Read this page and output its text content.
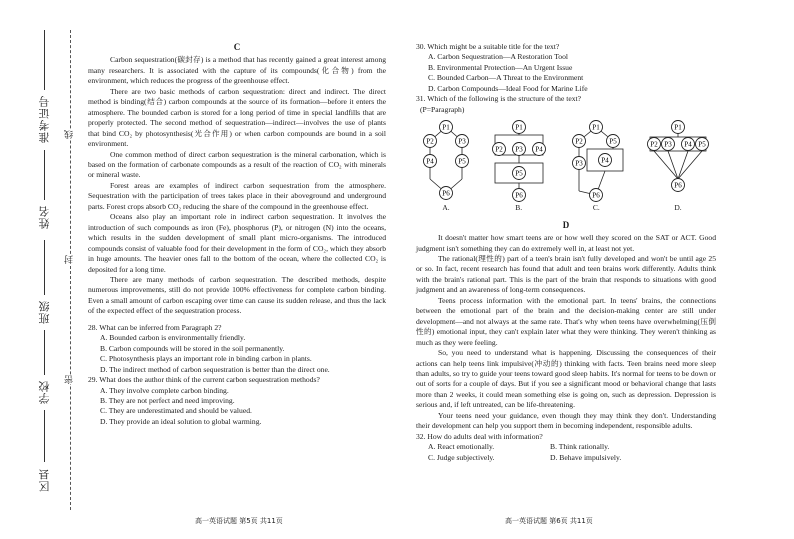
准考证号
姓名
班级
学校
区县
线
封
密
C

Carbon sequestration(碳封存) is a method that has recently gained a great interest among many researchers. It is associated with the capture of its compounds(化合物) from the environment, which reduces the progress of the greenhouse effect.

There are two basic methods of carbon sequestration: direct and indirect. The direct method is binding(结合) carbon compounds at the source of its formation—before it enters the atmosphere. The bounded carbon is stored for a long period of time in special landfills that are properly protected. The second method of sequestration—indirect—involves the use of plants that bind CO₂ by photosynthesis(光合作用) or when carbon compounds are bound in a soil environment.

One common method of direct carbon sequestration is the mineral carbonation, which is based on the formation of carbonate compounds as a result of the reaction of CO₂ with minerals or mineral waste.

Forest areas are examples of indirect carbon sequestration from the atmosphere. Sequestration with the participation of trees takes place in their aboveground and underground parts. Forest crops absorb CO₂ reducing the share of the compound in the greenhouse effect.

Oceans also play an important role in indirect carbon sequestration. It involves the introduction of such compounds as iron (Fe), phosphorus (P), or nitrogen (N) into the oceans, which results in the sudden development of small plant micro-organisms. The introduced compounds consist of valuable food for their development in the form of CO₂, which they absorb in huge amounts. The heavier ones fall to the bottom of the ocean, where the collected CO₂ is deposited for a long time.

There are many methods of carbon sequestration. The described methods, despite numerous improvements, still do not provide 100% effectiveness for complete carbon binding. Even a small amount of carbon escaping over time can cause its sudden release, and thus the lack of the expected effect of the sequestration process.

28. What can be inferred from Paragraph 2?
A. Bounded carbon is environmentally friendly.
B. Carbon compounds will be stored in the soil permanently.
C. Photosynthesis plays an important role in binding carbon in plants.
D. The indirect method of carbon sequestration is better than the direct one.
29. What does the author think of the current carbon sequestration methods?
A. They involve complete carbon binding.
B. They are not perfect and need improving.
C. They are underestimated and should be valued.
D. They provide an ideal solution to global warming.
高一英语试题 第5页 共11页
30. Which might be a suitable title for the text?
A. Carbon Sequestration—A Restoration Tool
B. Environmental Protection—An Urgent Issue
C. Bounded Carbon—A Threat to the Environment
D. Carbon Compounds—Ideal Food for Marine Life
31. Which of the following is the structure of the text?
(P=Paragraph)
P1
P2	P3
P4	P5
P6
A.
P1
P2 P3 P4
P5
P6
B.
P1
P2	P5
P3	P4
P6
C.
P1
P2 P3 P4 P5
P6
D.
D

It doesn't matter how smart teens are or how well they scored on the SAT or ACT. Good judgment isn't something they can do extremely well in, at least not yet.

The rational(理性的) part of a teen's brain isn't fully developed and won't be until age 25 or so. In fact, recent research has found that adult and teen brains work differently. Adults think with the brain's rational part. This is the part of the brain that responds to situations with good judgment and an awareness of long-term consequences.

Teens process information with the emotional part. In teens' brains, the connections between the emotional part of the brain and the decision-making center are still under development—and not always at the same rate. That's why when teens have overwhelming(压倒性的) emotional input, they can't explain later what they were thinking. They weren't thinking as much as they were feeling.

So, you need to understand what is happening. Discussing the consequences of their actions can help teens link impulsive(冲动的) thinking with facts. Teen brains need more sleep than adults, so try to guide your teens toward good sleep habits. It's normal for teens to be down or out of sorts for a couple of days. But if you see a significant mood or behavioral change that lasts more than 2 weeks, it could mean something else is going on, such as depression. Depression is serious and, if left untreated, can be life-threatening.

Your teens need your guidance, even though they may think they don't. Understanding their development can help you support them in becoming independent, responsible adults.

32. How do adults deal with information?
A. React emotionally.	B. Think rationally.
C. Judge subjectively.	D. Behave impulsively.
高一英语试题 第6页 共11页
